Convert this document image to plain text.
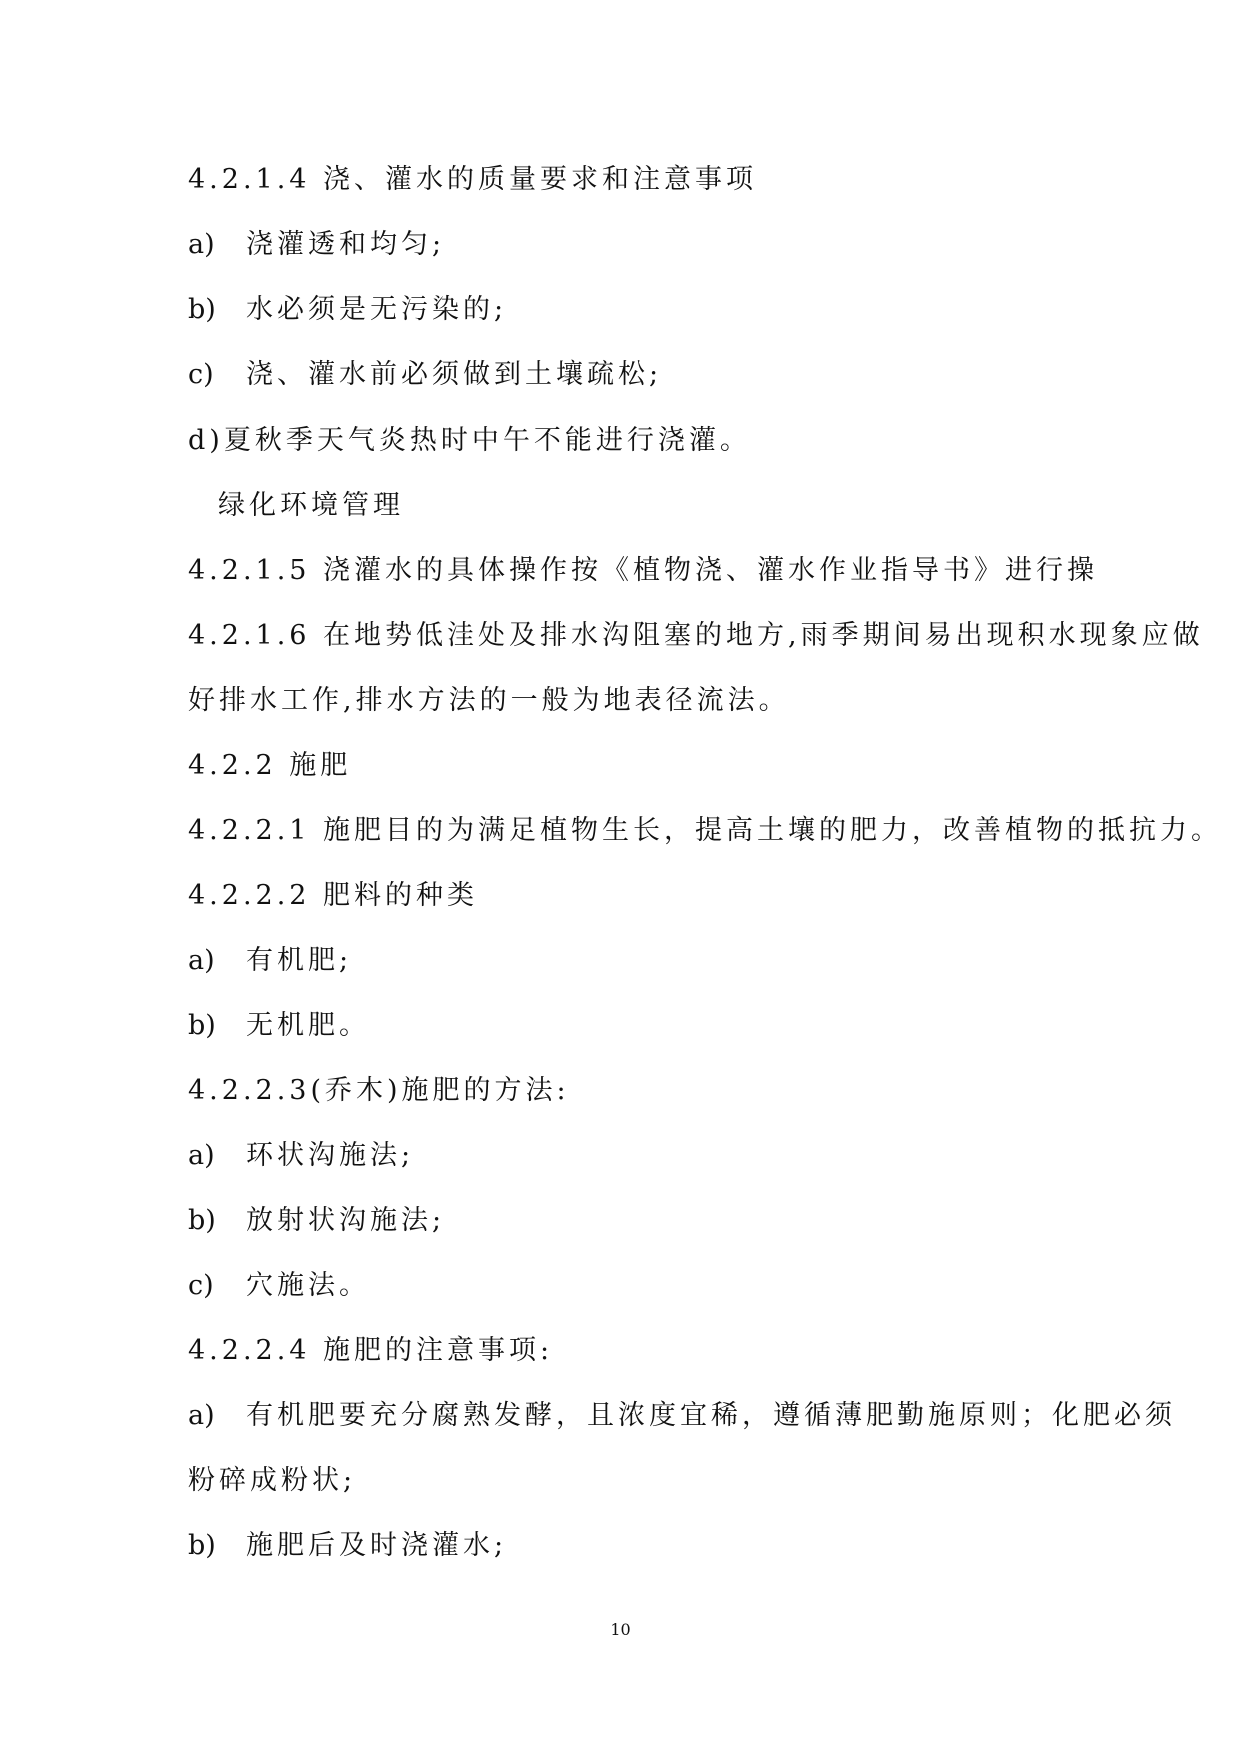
4.2.1.4 浇、灌水的质量要求和注意事项
a) 浇灌透和均匀;
b) 水必须是无污染的;
c) 浇、灌水前必须做到土壤疏松;
d)夏秋季天气炎热时中午不能进行浇灌。
绿化环境管理
4.2.1.5 浇灌水的具体操作按《植物浇、灌水作业指导书》进行操
4.2.1.6 在地势低洼处及排水沟阻塞的地方,雨季期间易出现积水现象应做
好排水工作,排水方法的一般为地表径流法。
4.2.2 施肥
4.2.2.1 施肥目的为满足植物生长，提高土壤的肥力，改善植物的抵抗力。
4.2.2.2 肥料的种类
a) 有机肥;
b) 无机肥。
4.2.2.3(乔木)施肥的方法:
a) 环状沟施法;
b) 放射状沟施法;
c) 穴施法。
4.2.2.4 施肥的注意事项:
a) 有机肥要充分腐熟发酵，且浓度宜稀，遵循薄肥勤施原则；化肥必须
粉碎成粉状;
b) 施肥后及时浇灌水;
10
